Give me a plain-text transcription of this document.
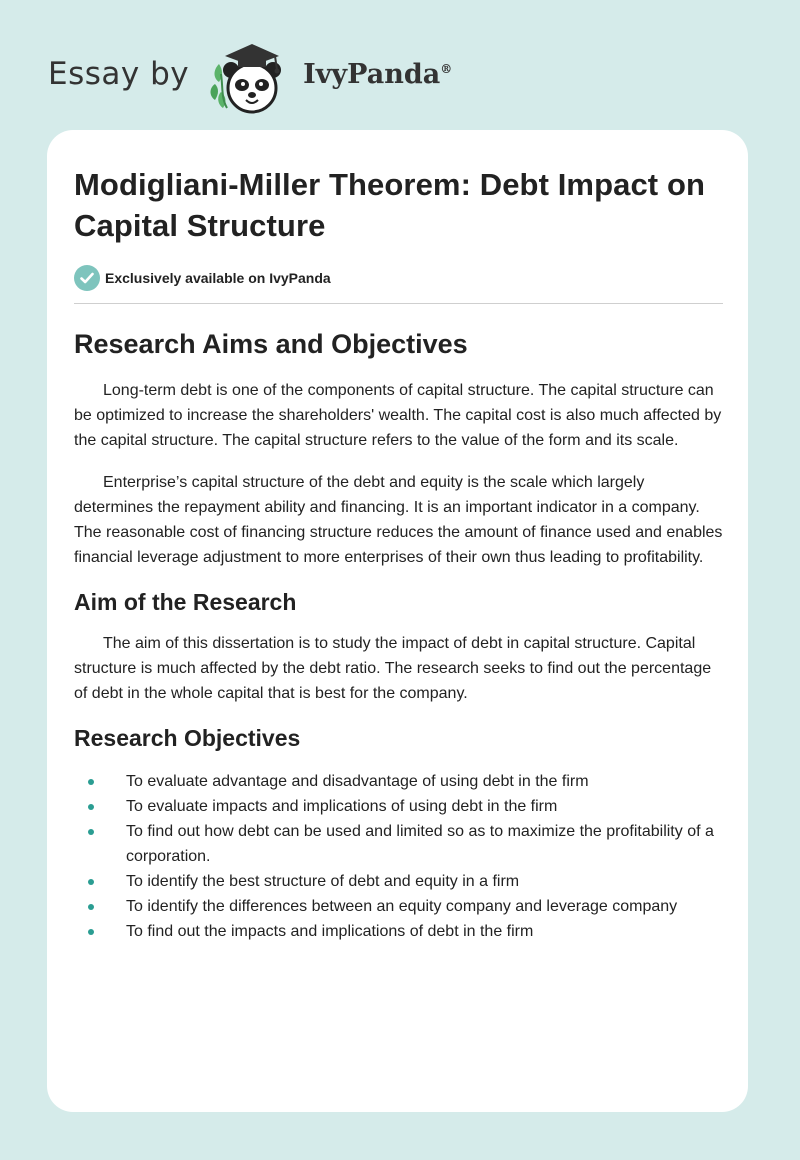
Essay by	IvyPanda®
Modigliani-Miller Theorem: Debt Impact on Capital Structure
Exclusively available on IvyPanda
Research Aims and Objectives

Long-term debt is one of the components of capital structure. The capital structure can be optimized to increase the shareholders' wealth. The capital cost is also much affected by the capital structure. The capital structure refers to the value of the form and its scale.

Enterprise’s capital structure of the debt and equity is the scale which largely determines the repayment ability and financing. It is an important indicator in a company. The reasonable cost of financing structure reduces the amount of finance used and enables financial leverage adjustment to more enterprises of their own thus leading to profitability.

Aim of the Research

The aim of this dissertation is to study the impact of debt in capital structure. Capital structure is much affected by the debt ratio. The research seeks to find out the percentage of debt in the whole capital that is best for the company.

Research Objectives
To evaluate advantage and disadvantage of using debt in the firm
To evaluate impacts and implications of using debt in the firm
To find out how debt can be used and limited so as to maximize the profitability of a corporation.
To identify the best structure of debt and equity in a firm
To identify the differences between an equity company and leverage company
To find out the impacts and implications of debt in the firm
